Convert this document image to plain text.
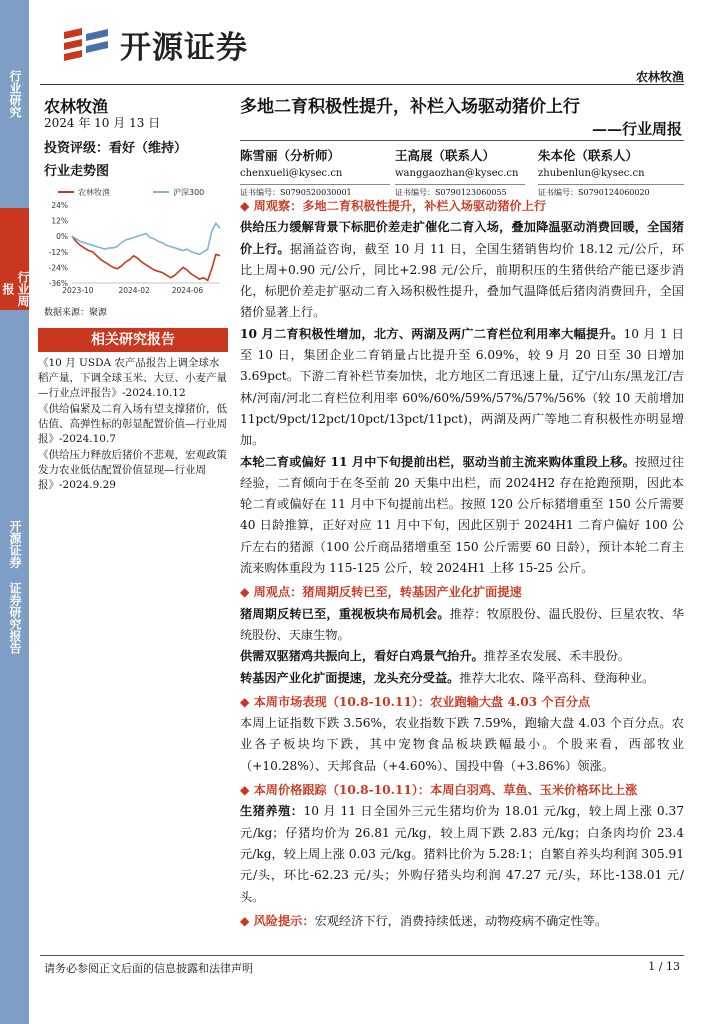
开源证券
农林牧渔
行业研究
行业周报
开源证券 证券研究报告
农林牧渔
2024 年 10 月 13 日
投资评级：看好（维持）
行业走势图
农林牧渔	沪深300
24%
12%
0%
-12%
-24%
-36%
2023-10	2024-02	2024-06
数据来源：聚源
相关研究报告

《10 月 USDA 农产品报告上调全球水稻产量，下调全球玉米、大豆、小麦产量—行业点评报告》-2024.10.12

《供给偏紧及二育入场有望支撑猪价，低估值、高弹性标的彰显配置价值—行业周报》-2024.10.7

《供给压力释放后猪价不悲观，宏观政策发力农业低估配置价值显现—行业周报》-2024.9.29

多地二育积极性提升，补栏入场驱动猪价上行
——行业周报
陈雪丽（分析师）
chenxueli@kysec.cn
证书编号：S0790520030001
王高展（联系人）
wanggaozhan@kysec.cn
证书编号：S0790123060055
朱本伦（联系人）
zhubenlun@kysec.cn
证书编号：S0790124060020

◆ 周观察：多地二育积极性提升，补栏入场驱动猪价上行

供给压力缓解背景下标肥价差走扩催化二育入场，叠加降温驱动消费回暖，全国猪价上行。据涌益咨询，截至 10 月 11 日，全国生猪销售均价 18.12 元/公斤，环比上周+0.90 元/公斤，同比+2.98 元/公斤，前期积压的生猪供给产能已逐步消化，标肥价差走扩驱动二育入场积极性提升，叠加气温降低后猪肉消费回升，全国猪价显著上行。

10 月二育积极性增加，北方、两湖及两广二育栏位利用率大幅提升。10 月 1 日至 10 日，集团企业二育销量占比提升至 6.09%，较 9 月 20 日至 30 日增加 3.69pct。下游二育补栏节奏加快，北方地区二育迅速上量，辽宁/山东/黑龙江/吉林/河南/河北二育栏位利用率 60%/60%/59%/57%/57%/56%（较 10 天前增加 11pct/9pct/12pct/10pct/13pct/11pct)，两湖及两广等地二育积极性亦明显增加。

本轮二育或偏好 11 月中下旬提前出栏，驱动当前主流来购体重段上移。按照过往经验，二育倾向于在冬至前 20 天集中出栏，而 2024H2 存在抢跑预期，因此本轮二育或偏好在 11 月中下旬提前出栏。按照 120 公斤标猪增重至 150 公斤需要 40 日龄推算，正好对应 11 月中下旬，因此区别于 2024H1 二育户偏好 100 公斤左右的猪源（100 公斤商品猪增重至 150 公斤需要 60 日龄），预计本轮二育主流来购体重段为 115-125 公斤，较 2024H1 上移 15-25 公斤。

◆ 周观点：猪周期反转已至，转基因产业化扩面提速

猪周期反转已至，重视板块布局机会。推荐：牧原股份、温氏股份、巨星农牧、华统股份、天康生物。

供需双驱猪鸡共振向上，看好白鸡景气抬升。推荐圣农发展、禾丰股份。

转基因产业化扩面提速，龙头充分受益。推荐大北农、隆平高科、登海种业。

◆ 本周市场表现（10.8-10.11）：农业跑输大盘 4.03 个百分点

本周上证指数下跌 3.56%，农业指数下跌 7.59%，跑输大盘 4.03 个百分点。农业各子板块均下跌，其中宠物食品板块跌幅最小。个股来看，西部牧业（+10.28%）、天邦食品（+4.60%）、国投中鲁（+3.86%）领涨。

◆ 本周价格跟踪（10.8-10.11）：本周白羽鸡、草鱼、玉米价格环比上涨

生猪养殖：10 月 11 日全国外三元生猪均价为 18.01 元/kg，较上周上涨 0.37 元/kg；仔猪均价为 26.81 元/kg，较上周下跌 2.83 元/kg；白条肉均价 23.4 元/kg，较上周上涨 0.03 元/kg。猪料比价为 5.28:1；自繁自养头均利润 305.91 元/头，环比-62.23 元/头；外购仔猪头均利润 47.27 元/头，环比-138.01 元/头。

◆ 风险提示：宏观经济下行，消费持续低迷，动物疫病不确定性等。

请务必参阅正文后面的信息披露和法律声明	1 / 13
